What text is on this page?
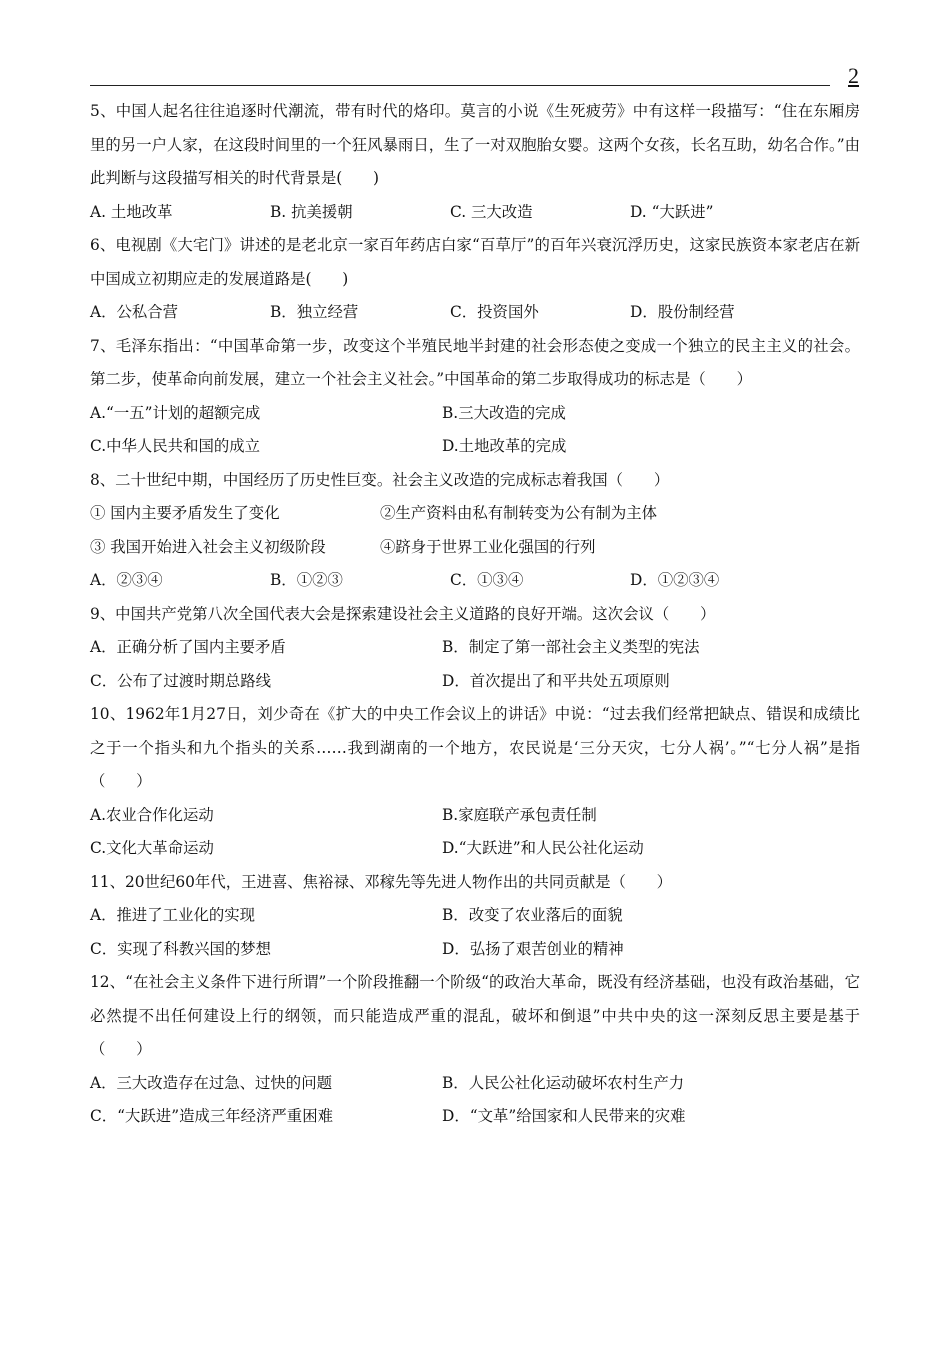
2

5、中国人起名往往追逐时代潮流，带有时代的烙印。莫言的小说《生死疲劳》中有这样一段描写：“住在东厢房里的另一户人家，在这段时间里的一个狂风暴雨日，生了一对双胞胎女婴。这两个女孩，长名互助，幼名合作。”由此判断与这段描写相关的时代背景是(　　)

A. 土地改革	B. 抗美援朝	C. 三大改造	D. “大跃进”

6、电视剧《大宅门》讲述的是老北京一家百年药店白家“百草厅”的百年兴衰沉浮历史，这家民族资本家老店在新中国成立初期应走的发展道路是(　　)

A．公私合营	B．独立经营	C．投资国外	D．股份制经营

7、毛泽东指出：“中国革命第一步，改变这个半殖民地半封建的社会形态使之变成一个独立的民主主义的社会。第二步，使革命向前发展，建立一个社会主义社会。”中国革命的第二步取得成功的标志是（　　）

A.“一五”计划的超额完成	B.三大改造的完成
C.中华人民共和国的成立	D.土地改革的完成

8、二十世纪中期，中国经历了历史性巨变。社会主义改造的完成标志着我国（　　）

① 国内主要矛盾发生了变化	②生产资料由私有制转变为公有制为主体
③ 我国开始进入社会主义初级阶段	④跻身于世界工业化强国的行列
A．②③④	B．①②③	C．①③④	D．①②③④

9、中国共产党第八次全国代表大会是探索建设社会主义道路的良好开端。这次会议（　　）

A．正确分析了国内主要矛盾	B．制定了第一部社会主义类型的宪法
C．公布了过渡时期总路线	D．首次提出了和平共处五项原则

10、1962年1月27日，刘少奇在《扩大的中央工作会议上的讲话》中说：“过去我们经常把缺点、错误和成绩比之于一个指头和九个指头的关系……我到湖南的一个地方，农民说是‘三分天灾，七分人祸’。”“七分人祸”是指（　　）

A.农业合作化运动	B.家庭联产承包责任制
C.文化大革命运动	D.“大跃进”和人民公社化运动

11、20世纪60年代，王进喜、焦裕禄、邓稼先等先进人物作出的共同贡献是（　　）

A．推进了工业化的实现	B．改变了农业落后的面貌
C．实现了科教兴国的梦想	D．弘扬了艰苦创业的精神

12、“在社会主义条件下进行所谓”一个阶段推翻一个阶级“的政治大革命，既没有经济基础，也没有政治基础，它必然提不出任何建设上行的纲领，而只能造成严重的混乱，破坏和倒退”中共中央的这一深刻反思主要是基于（　　）

A．三大改造存在过急、过快的问题	B．人民公社化运动破坏农村生产力
C．“大跃进”造成三年经济严重困难	D．“文革”给国家和人民带来的灾难
